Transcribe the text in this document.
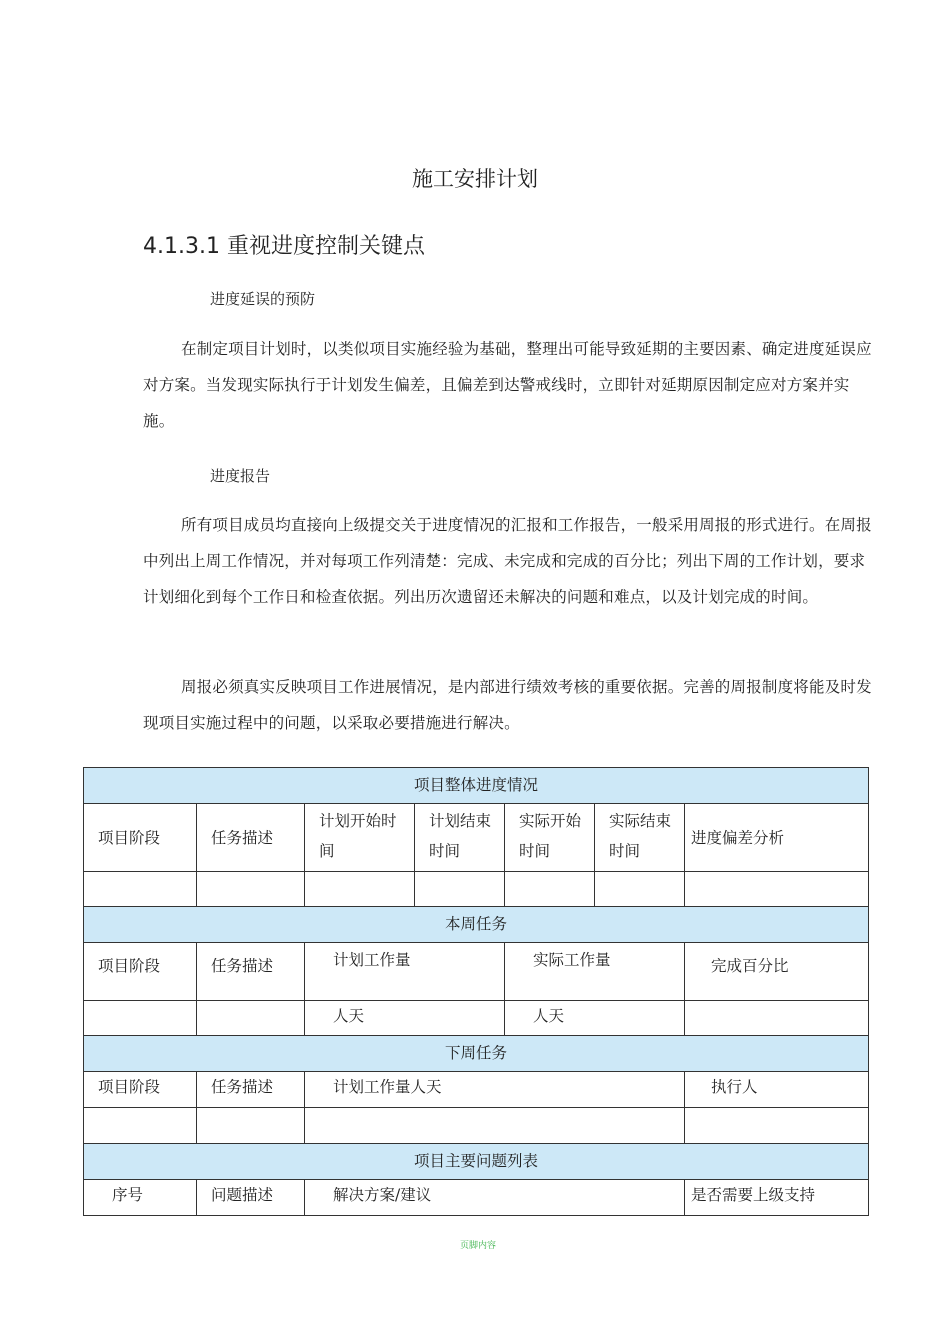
施工安排计划
4.1.3.1 重视进度控制关键点
进度延误的预防
在制定项目计划时，以类似项目实施经验为基础，整理出可能导致延期的主要因素、确定进度延误应对方案。当发现实际执行于计划发生偏差，且偏差到达警戒线时，立即针对延期原因制定应对方案并实施。
进度报告
所有项目成员均直接向上级提交关于进度情况的汇报和工作报告，一般采用周报的形式进行。在周报中列出上周工作情况，并对每项工作列清楚：完成、未完成和完成的百分比；列出下周的工作计划，要求计划细化到每个工作日和检查依据。列出历次遗留还未解决的问题和难点，以及计划完成的时间。
周报必须真实反映项目工作进展情况，是内部进行绩效考核的重要依据。完善的周报制度将能及时发现项目实施过程中的问题，以采取必要措施进行解决。
项目整体进度情况						

项目阶段	任务描述	计划开始时间	计划结束时间	实际开始时间	实际结束时间	进度偏差分析

本周任务						

项目阶段	任务描述	计划工作量		实际工作量		完成百分比

		人天		人天		

下周任务						

项目阶段	任务描述	计划工作量人天				执行人

项目主要问题列表						

序号	问题描述	解决方案/建议				是否需要上级支持
页脚内容
